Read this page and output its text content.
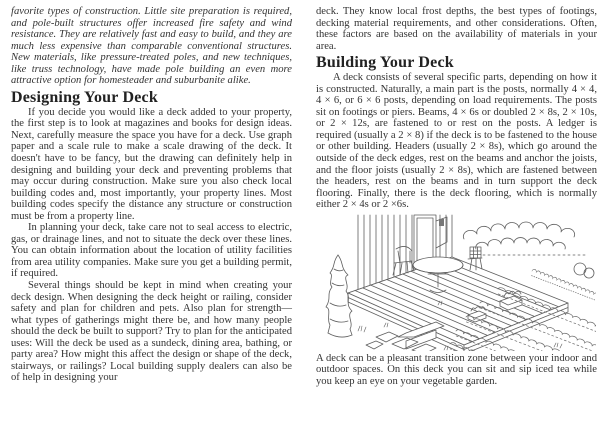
favorite types of construction. Little site preparation is required, and pole-built structures offer increased fire safety and wind resistance. They are relatively fast and easy to build, and they are much less expensive than comparable conventional structures. New materials, like pressure-treated poles, and new techniques, like truss technology, have made pole building an even more attractive option for homesteader and suburbanite alike.

Designing Your Deck

If you decide you would like a deck added to your property, the first step is to look at magazines and books for design ideas. Next, carefully measure the space you have for a deck. Use graph paper and a scale rule to make a scale drawing of the deck. It doesn't have to be fancy, but the drawing can definitely help in designing and building your deck and preventing problems that may occur during construction. Make sure you also check local building codes and, most importantly, your property lines. Most building codes specify the distance any structure or construction must be from a property line.

In planning your deck, take care not to seal access to electric, gas, or drainage lines, and not to situate the deck over these lines. You can obtain information about the location of utility facilities from area utility companies. Make sure you get a building permit, if required.

Several things should be kept in mind when creating your deck design. When designing the deck height or railing, consider safety and plan for children and pets. Also plan for strength—what types of gatherings might there be, and how many people should the deck be built to support? Try to plan for the anticipated uses: Will the deck be used as a sundeck, dining area, bathing, or party area? How might this affect the design or shape of the deck, stairways, or railings? Local building supply dealers can also be of help in designing your

deck. They know local frost depths, the best types of footings, decking material requirements, and other considerations. Often, these factors are based on the availability of materials in your area.

Building Your Deck

A deck consists of several specific parts, depending on how it is constructed. Naturally, a main part is the posts, normally 4 × 4, 4 × 6, or 6 × 6 posts, depending on load requirements. The posts sit on footings or piers. Beams, 4 × 6s or doubled 2 × 8s, 2 × 10s, or 2 × 12s, are fastened to or rest on the posts. A ledger is required (usually a 2 × 8) if the deck is to be fastened to the house or other building. Headers (usually 2 × 8s), which go around the outside of the deck edges, rest on the beams and anchor the joists, and the floor joists (usually 2 × 8s), which are fastened between the headers, rest on the beams and in turn support the deck flooring. Finally, there is the deck flooring, which is normally either 2 × 4s or 2 ×6s.

A deck can be a pleasant transition zone between your indoor and outdoor spaces. On this deck you can sit and sip iced tea while you keep an eye on your vegetable garden.
